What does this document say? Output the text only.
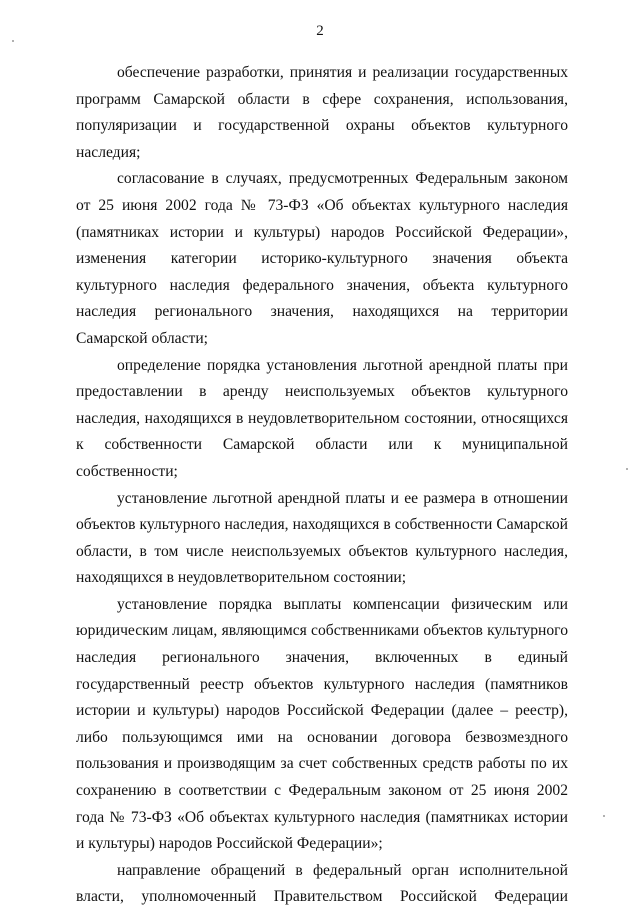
2

обеспечение разработки, принятия и реализации государственных программ Самарской области в сфере сохранения, использования, популяризации и государственной охраны объектов культурного наследия;

согласование в случаях, предусмотренных Федеральным законом от 25 июня 2002 года № 73-ФЗ «Об объектах культурного наследия (памятниках истории и культуры) народов Российской Федерации», изменения категории историко-культурного значения объекта культурного наследия федерального значения, объекта культурного наследия регионального значения, находящихся на территории Самарской области;

определение порядка установления льготной арендной платы при предоставлении в аренду неиспользуемых объектов культурного наследия, находящихся в неудовлетворительном состоянии, относящихся к собственности Самарской области или к муниципальной собственности;

установление льготной арендной платы и ее размера в отношении объектов культурного наследия, находящихся в собственности Самарской области, в том числе неиспользуемых объектов культурного наследия, находящихся в неудовлетворительном состоянии;

установление порядка выплаты компенсации физическим или юридическим лицам, являющимся собственниками объектов культурного наследия регионального значения, включенных в единый государственный реестр объектов культурного наследия (памятников истории и культуры) народов Российской Федерации (далее – реестр), либо пользующимся ими на основании договора безвозмездного пользования и производящим за счет собственных средств работы по их сохранению в соответствии с Федеральным законом от 25 июня 2002 года № 73-ФЗ «Об объектах культурного наследия (памятниках истории и культуры) народов Российской Федерации»;

направление обращений в федеральный орган исполнительной власти, уполномоченный Правительством Российской Федерации
